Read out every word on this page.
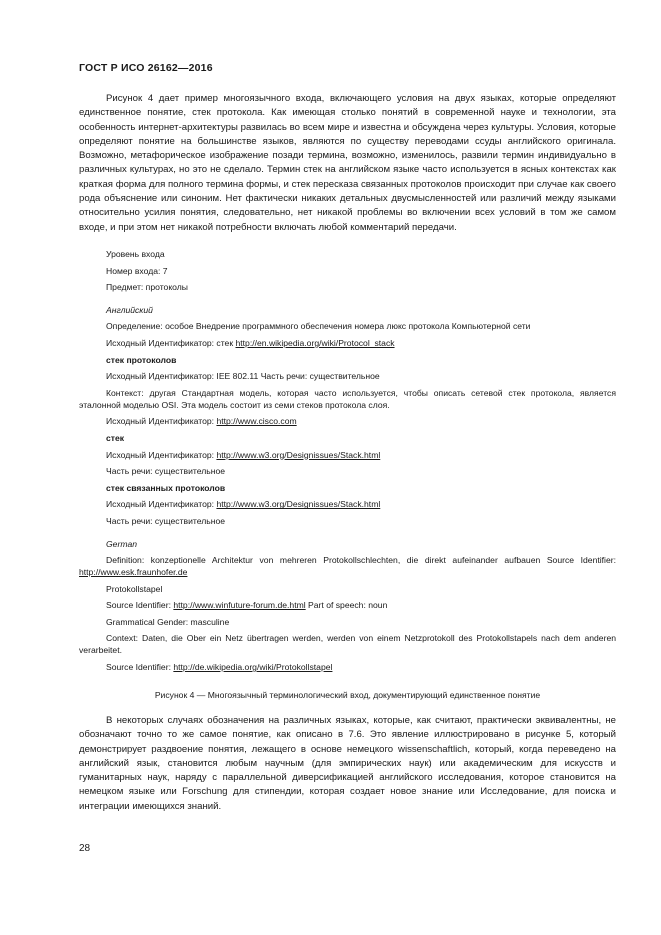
ГОСТ Р ИСО 26162—2016

Рисунок 4 дает пример многоязычного входа, включающего условия на двух языках, которые определяют единственное понятие, стек протокола. Как имеющая столько понятий в современной науке и технологии, эта особенность интернет-архитектуры развилась во всем мире и известна и обсуждена через культуры. Условия, которые определяют понятие на большинстве языков, являются по существу переводами ссуды английского оригинала. Возможно, метафорическое изображение позади термина, возможно, изменилось, развили термин индивидуально в различных культурах, но это не сделало. Термин стек на английском языке часто используется в ясных контекстах как краткая форма для полного термина формы, и стек пересказа связанных протоколов происходит при случае как своего рода объяснение или синоним. Нет фактически никаких детальных двусмысленностей или различий между языками относительно усилия понятия, следовательно, нет никакой проблемы во включении всех условий в том же самом входе, и при этом нет никакой потребности включать любой комментарий передачи.

Уровень входа
Номер входа: 7
Предмет: протоколы
Английский
Определение: особое Внедрение программного обеспечения номера люкс протокола Компьютерной сети
Исходный Идентификатор: стек http://en.wikipedia.org/wiki/Protocol_stack
стек протоколов
Исходный Идентификатор: IEE 802.11 Часть речи: существительное
Контекст: другая Стандартная модель, которая часто используется, чтобы описать сетевой стек протокола, является эталонной моделью OSI. Эта модель состоит из семи стеков протокола слоя.
Исходный Идентификатор: http://www.cisco.com
стек
Исходный Идентификатор: http://www.w3.org/Designissues/Stack.html
Часть речи: существительное
стек связанных протоколов
Исходный Идентификатор: http://www.w3.org/Designissues/Stack.html
Часть речи: существительное
German
Definition: konzeptionelle Architektur von mehreren Protokollschlechten, die direkt aufeinander aufbauen Source Identifier: http://www.esk.fraunhofer.de
Protokollstapel
Source Identifier: http://www.winfuture-forum.de.html Part of speech: noun
Grammatical Gender: masculine
Context: Daten, die Ober ein Netz übertragen werden, werden von einem Netzprotokoll des Protokollstapels nach dem anderen verarbeitet.
Source Identifier: http://de.wikipedia.org/wiki/Protokollstapel
Рисунок 4 — Многоязычный терминологический вход, документирующий единственное понятие

В некоторых случаях обозначения на различных языках, которые, как считают, практически эквивалентны, не обозначают точно то же самое понятие, как описано в 7.6. Это явление иллюстрировано в рисунке 5, который демонстрирует раздвоение понятия, лежащего в основе немецкого wissenschaftlich, который, когда переведено на английский язык, становится любым научным (для эмпирических наук) или академическим для искусств и гуманитарных наук, наряду с параллельной диверсификацией английского исследования, которое становится на немецком языке или Forschung для стипендии, которая создает новое знание или Исследование, для поиска и интеграции имеющихся знаний.

28
